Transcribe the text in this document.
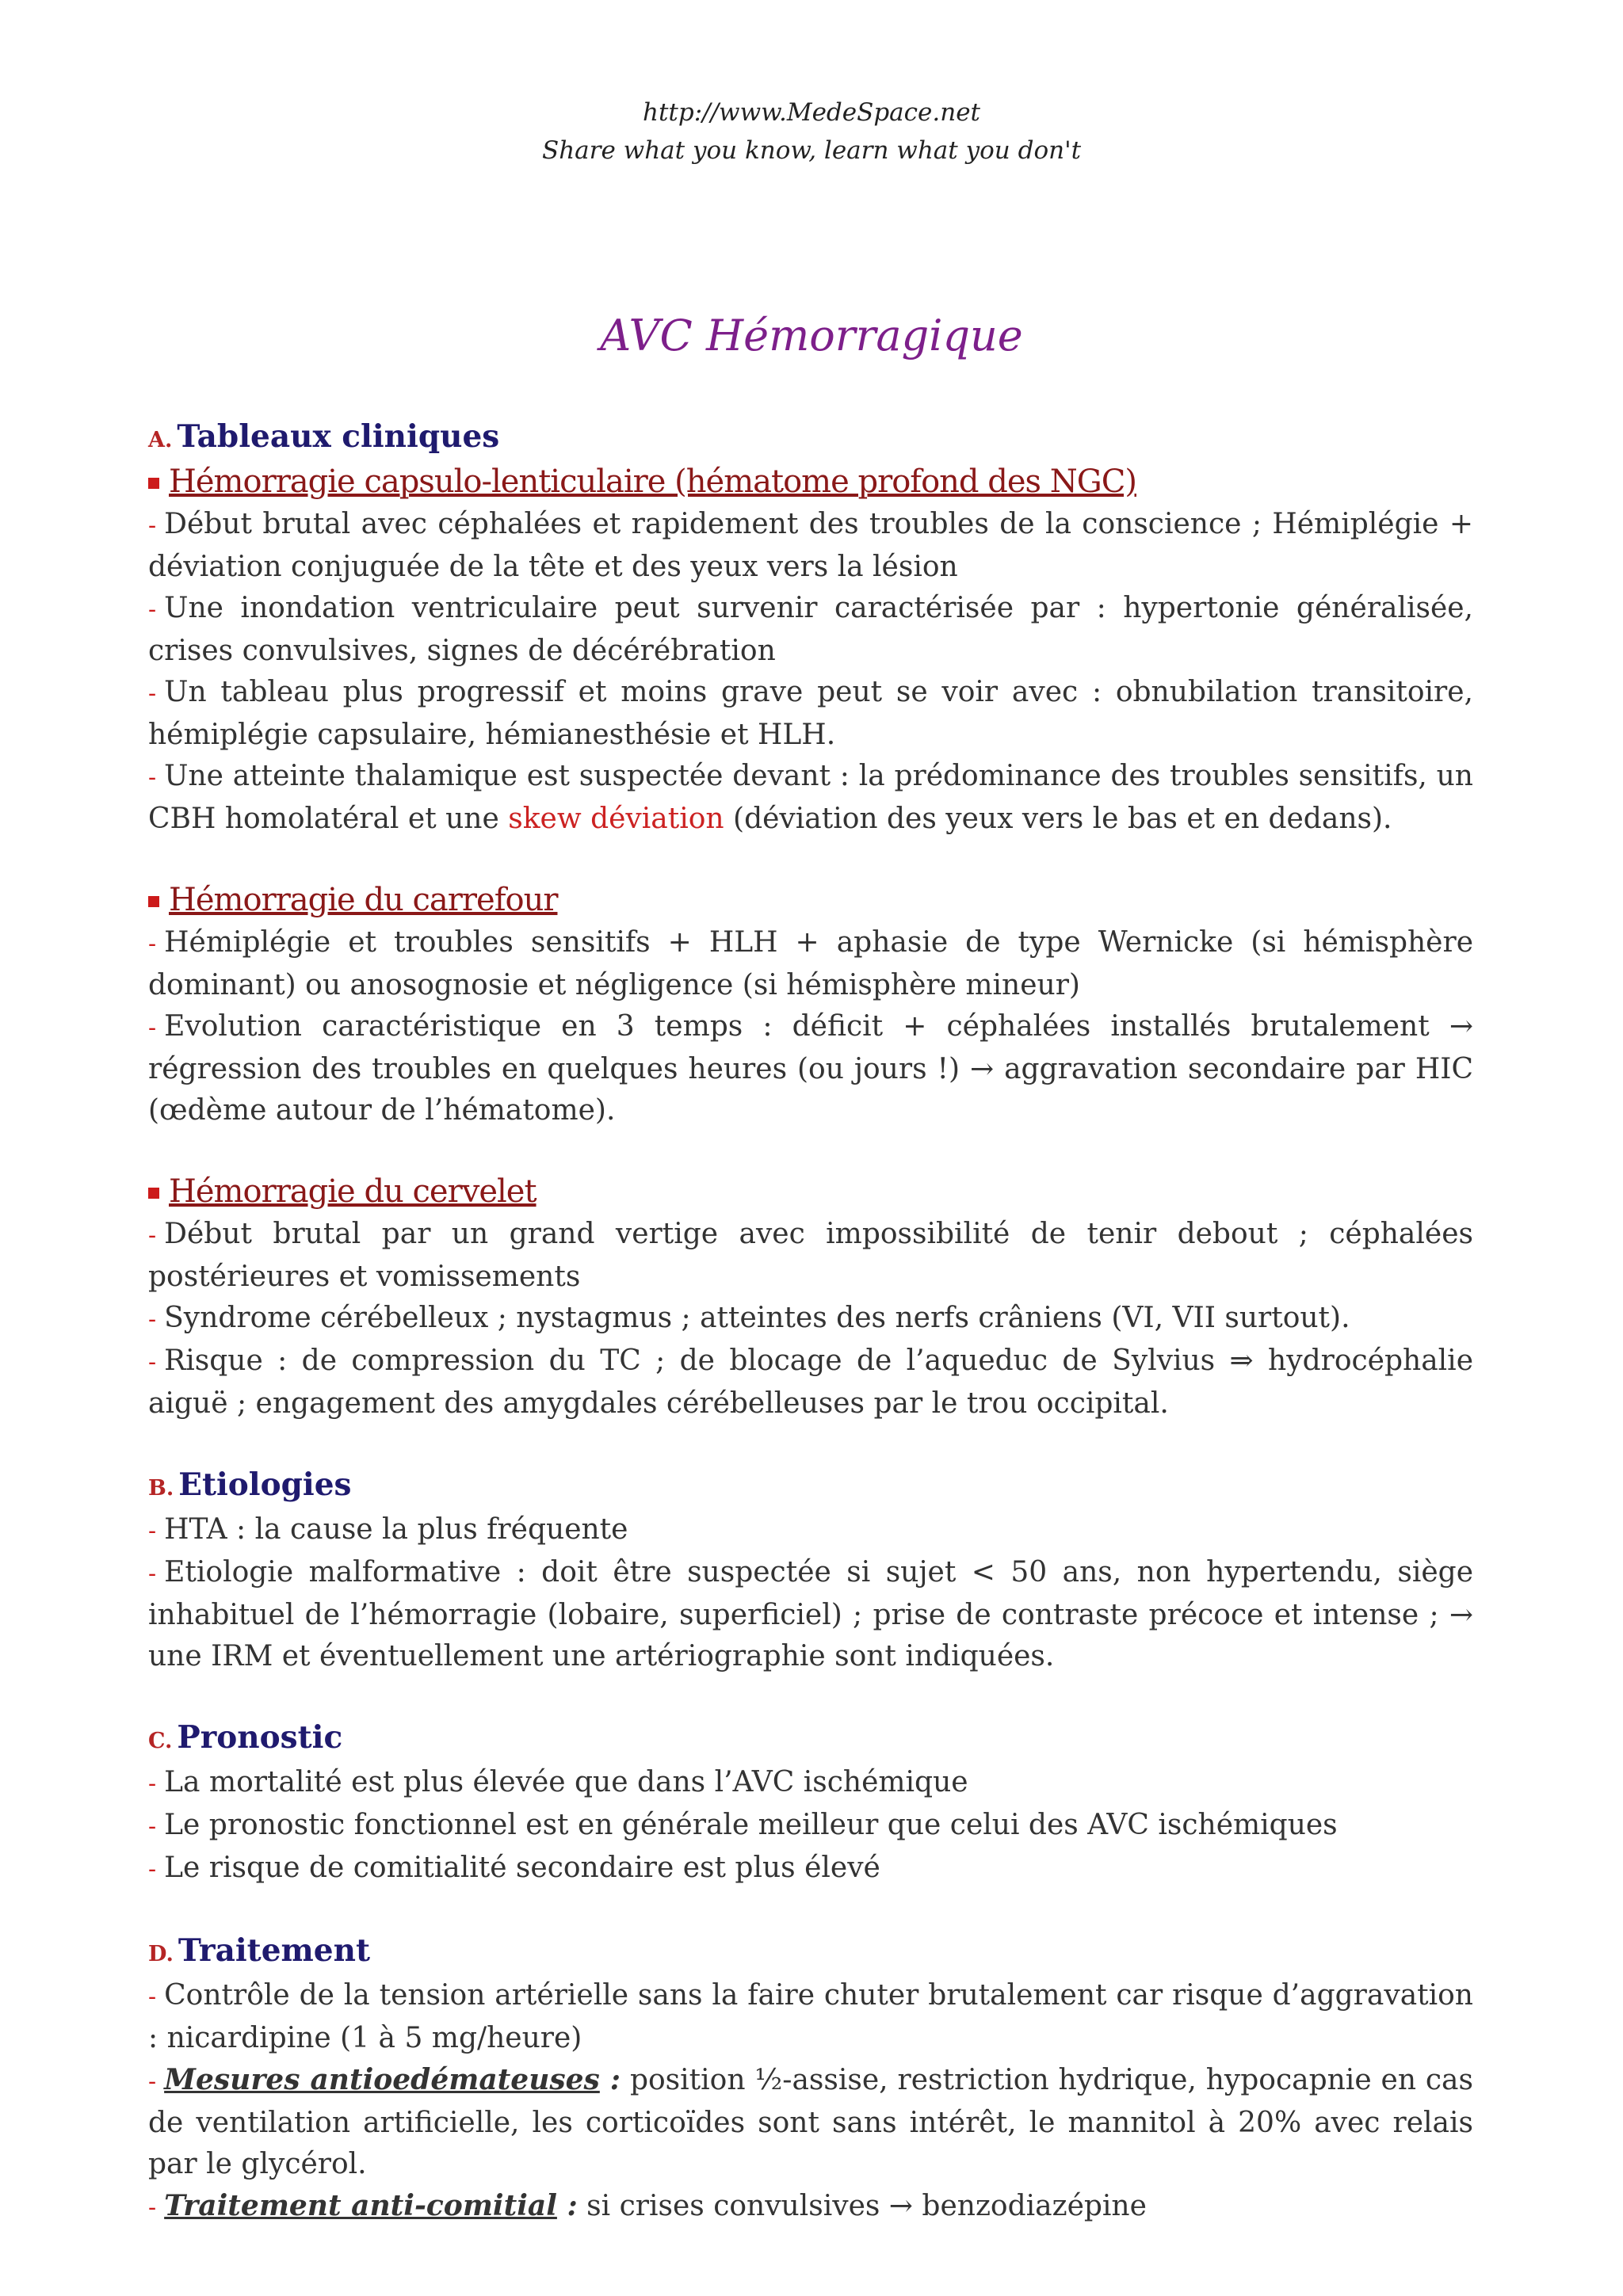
http://www.MedeSpace.net
Share what you know, learn what you don't
AVC Hémorragique
A. Tableaux cliniques
Hémorragie capsulo-lenticulaire (hématome profond des NGC)
- Début brutal avec céphalées et rapidement des troubles de la conscience ; Hémiplégie + déviation conjuguée de la tête et des yeux vers la lésion
- Une inondation ventriculaire peut survenir caractérisée par : hypertonie généralisée, crises convulsives, signes de décérébration
- Un tableau plus progressif et moins grave peut se voir avec : obnubilation transitoire, hémiplégie capsulaire, hémianesthésie et HLH.
- Une atteinte thalamique est suspectée devant : la prédominance des troubles sensitifs, un CBH homolatéral et une skew déviation (déviation des yeux vers le bas et en dedans).
Hémorragie du carrefour
- Hémiplégie et troubles sensitifs + HLH + aphasie de type Wernicke (si hémisphère dominant) ou anosognosie et négligence (si hémisphère mineur)
- Evolution caractéristique en 3 temps : déficit + céphalées installés brutalement → régression des troubles en quelques heures (ou jours !) → aggravation secondaire par HIC (œdème autour de l’hématome).
Hémorragie du cervelet
- Début brutal par un grand vertige avec impossibilité de tenir debout ; céphalées postérieures et vomissements
- Syndrome cérébelleux ; nystagmus ; atteintes des nerfs crâniens (VI, VII surtout).
- Risque : de compression du TC ; de blocage de l’aqueduc de Sylvius ⇒ hydrocéphalie aiguë ; engagement des amygdales cérébelleuses par le trou occipital.
B. Etiologies
- HTA : la cause la plus fréquente
- Etiologie malformative : doit être suspectée si sujet < 50 ans, non hypertendu, siège inhabituel de l’hémorragie (lobaire, superficiel) ; prise de contraste précoce et intense ; → une IRM et éventuellement une artériographie sont indiquées.
C. Pronostic
- La mortalité est plus élevée que dans l’AVC ischémique
- Le pronostic fonctionnel est en générale meilleur que celui des AVC ischémiques
- Le risque de comitialité secondaire est plus élevé
D. Traitement
- Contrôle de la tension artérielle sans la faire chuter brutalement car risque d’aggravation : nicardipine (1 à 5 mg/heure)
- Mesures antioedémateuses : position ½-assise, restriction hydrique, hypocapnie en cas de ventilation artificielle, les corticoïdes sont sans intérêt, le mannitol à 20% avec relais par le glycérol.
- Traitement anti-comitial : si crises convulsives → benzodiazépine
